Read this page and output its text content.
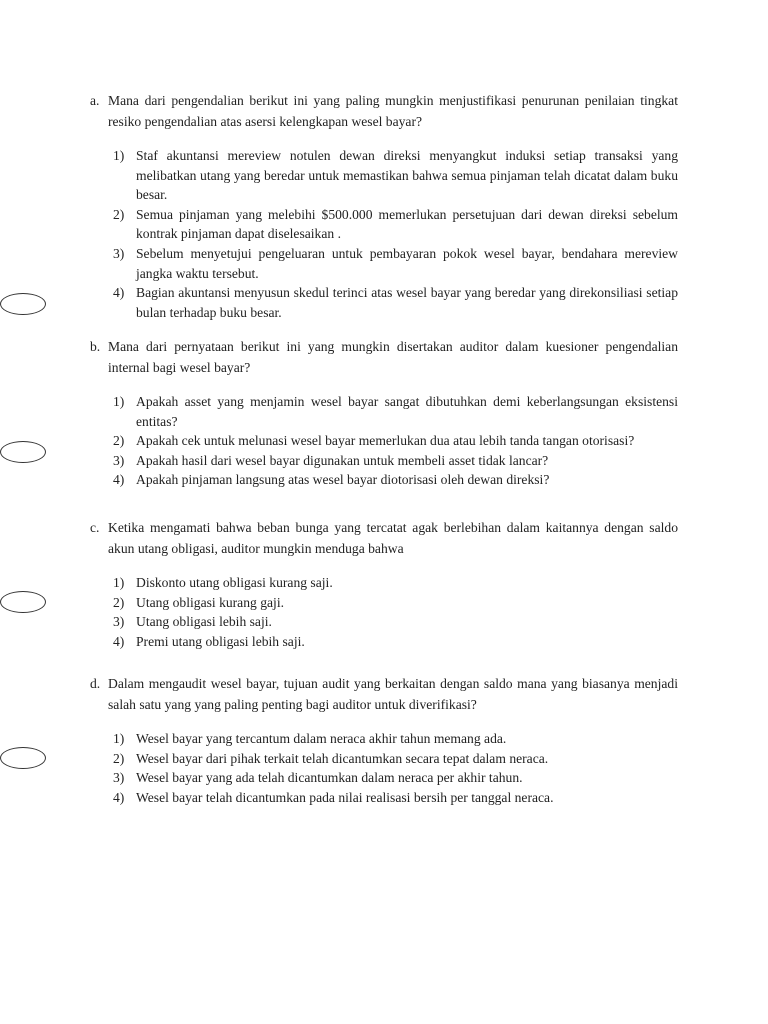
a. Mana dari pengendalian berikut ini yang paling mungkin menjustifikasi penurunan penilaian tingkat resiko pengendalian atas asersi kelengkapan wesel bayar?
1) Staf akuntansi mereview notulen dewan direksi menyangkut induksi setiap transaksi yang melibatkan utang yang beredar untuk memastikan bahwa semua pinjaman telah dicatat dalam buku besar.
2) Semua pinjaman yang melebihi $500.000 memerlukan persetujuan dari dewan direksi sebelum kontrak pinjaman dapat diselesaikan .
3) Sebelum menyetujui pengeluaran untuk pembayaran pokok wesel bayar, bendahara mereview jangka waktu tersebut.
4) Bagian akuntansi menyusun skedul terinci atas wesel bayar yang beredar yang direkonsiliasi setiap bulan terhadap buku besar.
b. Mana dari pernyataan berikut ini yang mungkin disertakan auditor dalam kuesioner pengendalian internal bagi wesel bayar?
1) Apakah asset yang menjamin wesel bayar sangat dibutuhkan demi keberlangsungan eksistensi entitas?
2) Apakah cek untuk melunasi wesel bayar memerlukan dua atau lebih tanda tangan otorisasi?
3) Apakah hasil dari wesel bayar digunakan untuk membeli asset tidak lancar?
4) Apakah pinjaman langsung atas wesel bayar diotorisasi oleh dewan direksi?
c. Ketika mengamati bahwa beban bunga yang tercatat agak berlebihan dalam kaitannya dengan saldo akun utang obligasi, auditor mungkin menduga bahwa
1) Diskonto utang obligasi kurang saji.
2) Utang obligasi kurang gaji.
3) Utang obligasi lebih saji.
4) Premi utang obligasi lebih saji.
d. Dalam mengaudit wesel bayar, tujuan audit yang berkaitan dengan saldo mana yang biasanya menjadi salah satu yang yang paling penting bagi auditor untuk diverifikasi?
1) Wesel bayar yang tercantum dalam neraca akhir tahun memang ada.
2) Wesel bayar dari pihak terkait telah dicantumkan secara tepat dalam neraca.
3) Wesel bayar yang ada telah dicantumkan dalam neraca per akhir tahun.
4) Wesel bayar telah dicantumkan pada nilai realisasi bersih per tanggal neraca.
